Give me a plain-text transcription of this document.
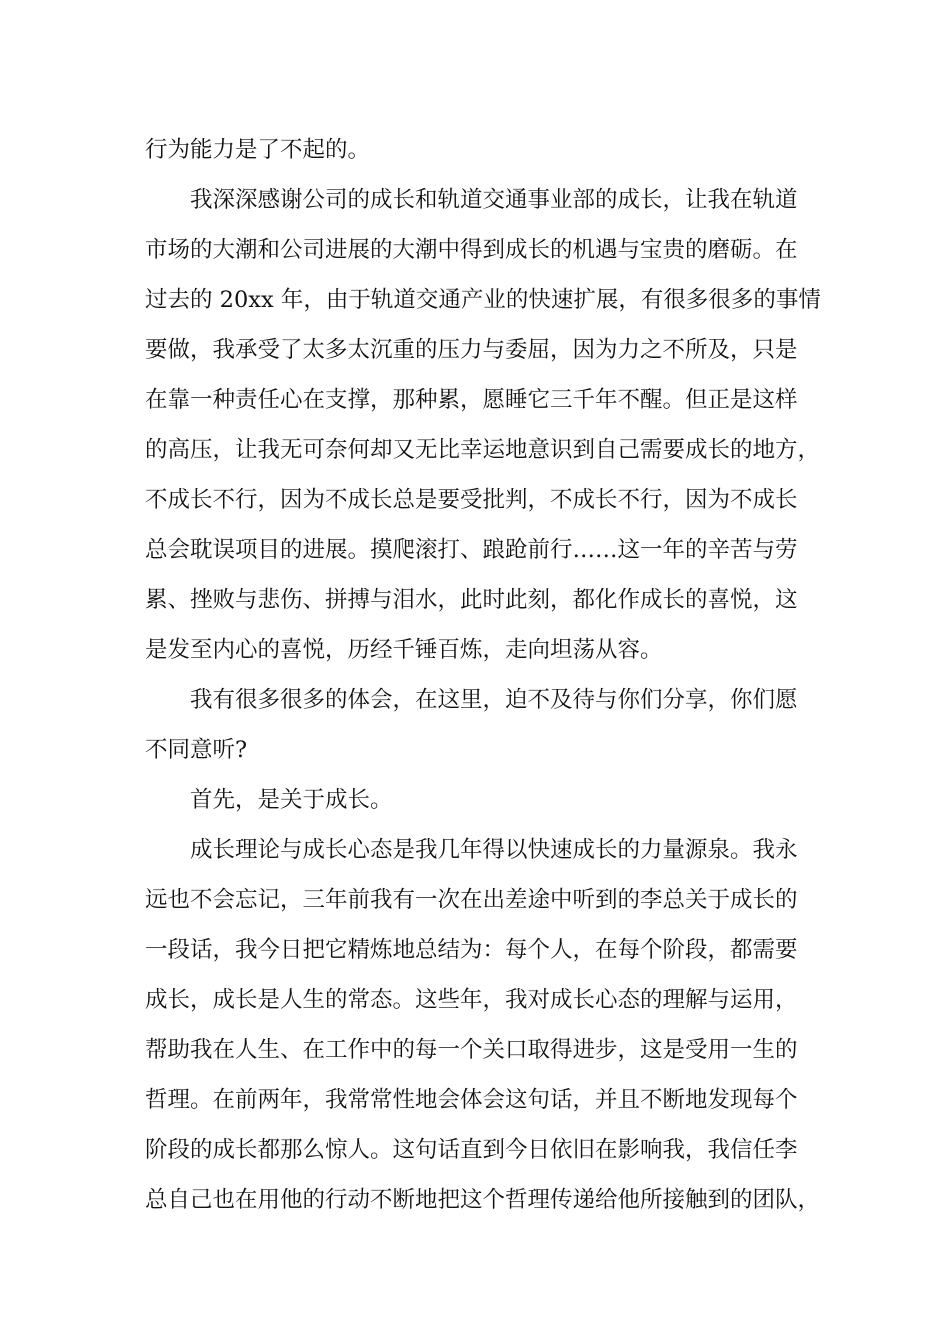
行为能力是了不起的。
我深深感谢公司的成长和轨道交通事业部的成长，让我在轨道
市场的大潮和公司进展的大潮中得到成长的机遇与宝贵的磨砺。在
过去的 20xx 年，由于轨道交通产业的快速扩展，有很多很多的事情
要做，我承受了太多太沉重的压力与委屈，因为力之不所及，只是
在靠一种责任心在支撑，那种累，愿睡它三千年不醒。但正是这样
的高压，让我无可奈何却又无比幸运地意识到自己需要成长的地方，
不成长不行，因为不成长总是要受批判，不成长不行，因为不成长
总会耽误项目的进展。摸爬滚打、踉跄前行……这一年的辛苦与劳
累、挫败与悲伤、拼搏与泪水，此时此刻，都化作成长的喜悦，这
是发至内心的喜悦，历经千锤百炼，走向坦荡从容。
我有很多很多的体会，在这里，迫不及待与你们分享，你们愿
不同意听?
首先，是关于成长。
成长理论与成长心态是我几年得以快速成长的力量源泉。我永
远也不会忘记，三年前我有一次在出差途中听到的李总关于成长的
一段话，我今日把它精炼地总结为：每个人，在每个阶段，都需要
成长，成长是人生的常态。这些年，我对成长心态的理解与运用，
帮助我在人生、在工作中的每一个关口取得进步，这是受用一生的
哲理。在前两年，我常常性地会体会这句话，并且不断地发现每个
阶段的成长都那么惊人。这句话直到今日依旧在影响我，我信任李
总自己也在用他的行动不断地把这个哲理传递给他所接触到的团队，
